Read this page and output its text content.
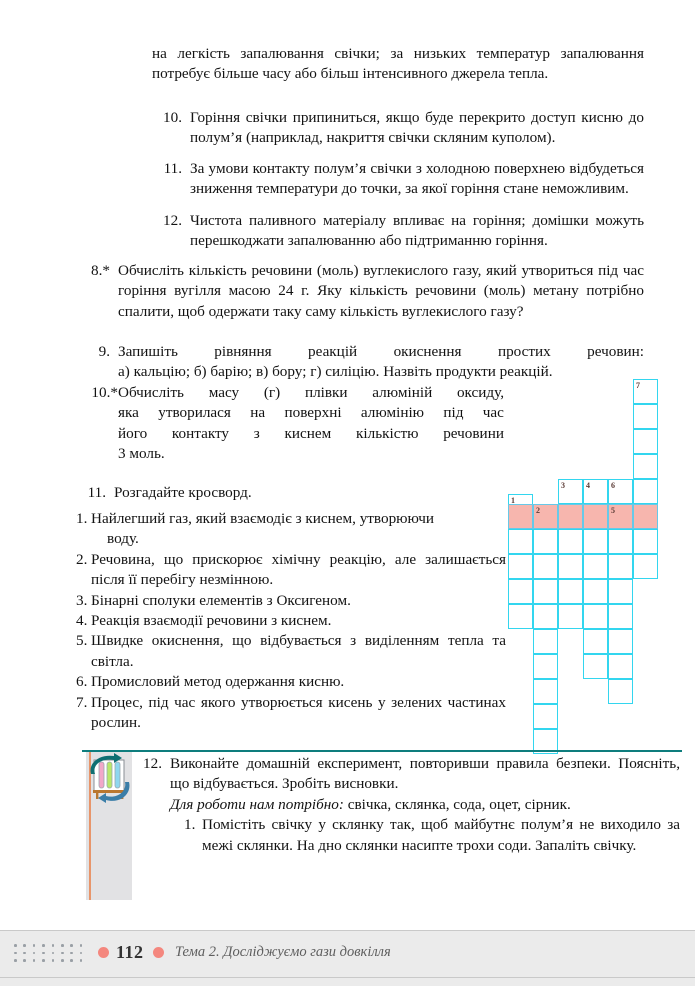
на легкість запалювання свічки; за низьких температур запалювання потребує більше часу або більш інтенсивного джерела тепла.

10. Горіння свічки припиниться, якщо буде перекрито доступ кисню до полум’я (наприклад, накриття свічки скляним куполом).
11. За умови контакту полум’я свічки з холодною поверхнею відбудеться зниження температури до точки, за якої горіння стане неможливим.
12. Чистота паливного матеріалу впливає на горіння; домішки можуть перешкоджати запалюванню або підтриманню горіння.
8.* Обчисліть кількість речовини (моль) вуглекислого газу, який утвориться під час горіння вугілля масою 24 г. Яку кількість речовини (моль) метану потрібно спалити, щоб одержати таку саму кількість вуглекислого газу?
9. Запишіть рівняння реакцій окиснення простих речовин:
а) кальцію; б) барію; в) бору; г) силіцію. Назвіть продукти реакцій.
10.* Обчисліть масу (г) плівки алюміній оксиду,
яка утворилася на поверхні алюмінію під час
його контакту з киснем кількістю речовини
3 моль.
11. Розгадайте кросворд.
1. Найлегший газ, який взаємодіє з киснем, утворюючи
воду.
2. Речовина, що прискорює хімічну реакцію, але залишається після її перебігу незмінною.
3. Бінарні сполуки елементів з Оксигеном.
4. Реакція взаємодії речовини з киснем.
5. Швидке окиснення, що відбувається з виділенням тепла та світла.
6. Промисловий метод одержання кисню.
7. Процес, під час якого утворюється кисень у зелених частинах рослин.
7
3	4	6
1
2	5
12. Виконайте домашній експеримент, повторивши правила безпеки. Поясніть, що відбувається. Зробіть висновки.
Для роботи нам потрібно: свічка, склянка, сода, оцет, сірник.
1. Помістіть свічку у склянку так, щоб майбутнє полум’я не виходило за межі склянки. На дно склянки насипте трохи соди. Запаліть свічку.
112 Тема 2. Досліджуємо гази довкілля
